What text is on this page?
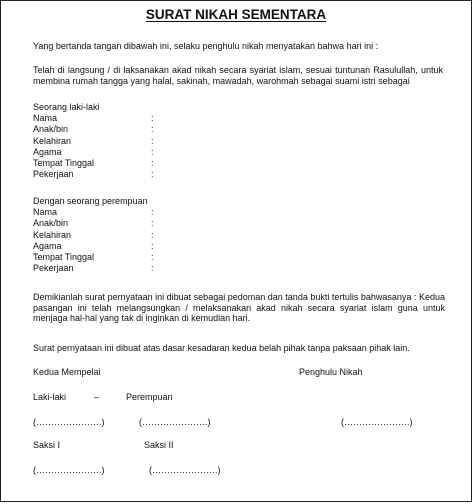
SURAT NIKAH SEMENTARA
Yang bertanda tangan dibawah ini, selaku penghulu nikah menyatakan bahwa hari ini :
Telah di langsung / di laksanakan akad nikah secara syariat islam, sesuai tuntunan Rasulullah, untuk membina rumah tangga yang halal, sakinah, mawadah, warohmah sebagai suami istri sebagai
Seorang laki-laki
Nama	:
Anak/bin	:
Kelahiran	:
Agama	:
Tempat Tinggal	:
Pekerjaan	:
Dengan seorang perempuan
Nama	:
Anak/bin	:
Kelahiran	:
Agama	:
Tempat Tinggal	:
Pekerjaan	:
Demikianlah surat pernyataan ini dibuat sebagai pedoman dan tanda bukti tertulis bahwasanya : Kedua pasangan ini telah melangsungkan / melaksanakan akad nikah secara syariat islam guna untuk menjaga hal-hal yang tak di inginkan di kemudian hari.
Surat pernyataan ini dibuat atas dasar kesadaran kedua belah pihak tanpa paksaan pihak lain.
Kedua Mempelai	Penghulu Nikah
Laki-laki	–	Perempuan
(………………….)	(………………….)	(………………….)
Saksi I	Saksi II
(………………….)	(………………….)
